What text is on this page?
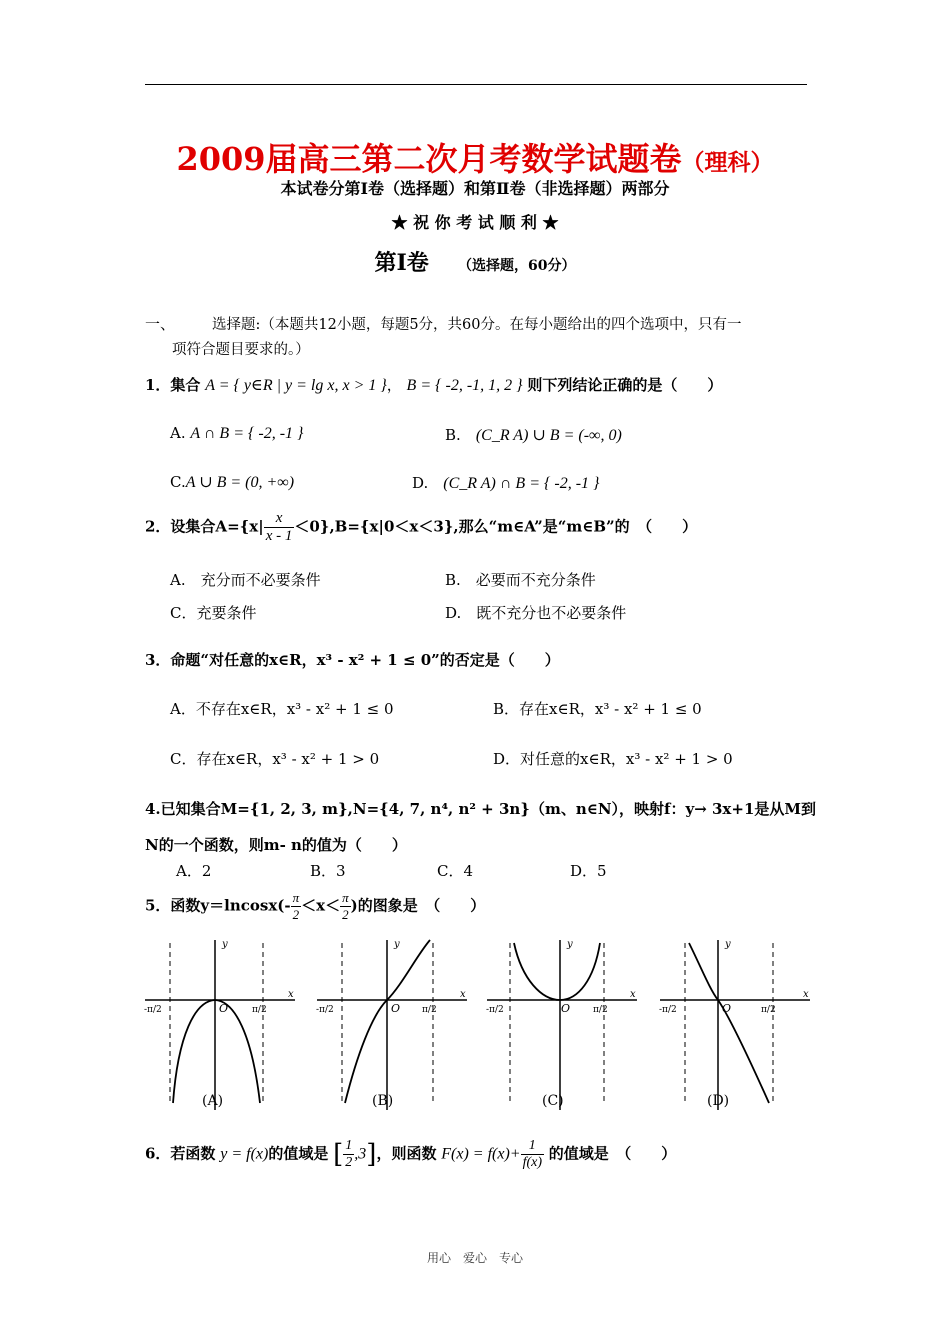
2009届高三第二次月考数学试题卷（理科）
本试卷分第Ⅰ卷（选择题）和第Ⅱ卷（非选择题）两部分
★ 祝 你 考 试 顺 利 ★
第Ⅰ卷 （选择题，60分）
一、	选择题:（本题共12小题，每题5分，共60分。在每小题给出的四个选项中，只有一
项符合题目要求的。）
1．集合 A = { y∈R | y = lg x, x > 1 }， B = { -2, -1, 1, 2 } 则下列结论正确的是（　　）
A. A ∩ B = { -2, -1 }	B.　 (C_R A) ∪ B = (-∞, 0)
C.A ∪ B = (0, +∞)	D.　 (C_R A) ∩ B = { -2, -1 }
2．设集合$A=\{x| \frac{x}{x - 1} <0\},B=\{x|0<x<3\}$,那么“m∈A”是“m∈B”的　（　　）
A.　充分而不必要条件	B.　必要而不充分条件
C．充要条件	D.　既不充分也不必要条件
3．命题“对任意的x∈R，x³ - x² + 1 ≤ 0”的否定是（　　）
A．不存在x∈R，x³ - x² + 1 ≤ 0	B．存在x∈R，x³ - x² + 1 ≤ 0
C．存在x∈R，x³ - x² + 1 > 0	D．对任意的x∈R，x³ - x² + 1 > 0
4.已知集合M={1, 2, 3, m},N={4, 7, n⁴, n² + 3n}（m、n∈N），映射f：y→ 3x+1是从M到
N的一个函数，则m- n的值为（　　）
A．2	B．3	C．4	D．5
5．函数$y=lncosx(- \frac{\pi}{2} <x< \frac{\pi}{2}$ )的图象是　（　　）
x
y
O
-π/2	π/2
(A)
x
y
O
-π/2	π/2
(B)
x
y
O
-π/2	π/2
(C)
x
y
O
-π/2	π/2
(D)
6．若函数 y = f(x)的值域是 [ $\frac{1}{2} ,3$]，则函数 $F(x) = f(x)+ \frac{1}{f(x)}$ 的值域是　（　　）
用心　爱心　专心
